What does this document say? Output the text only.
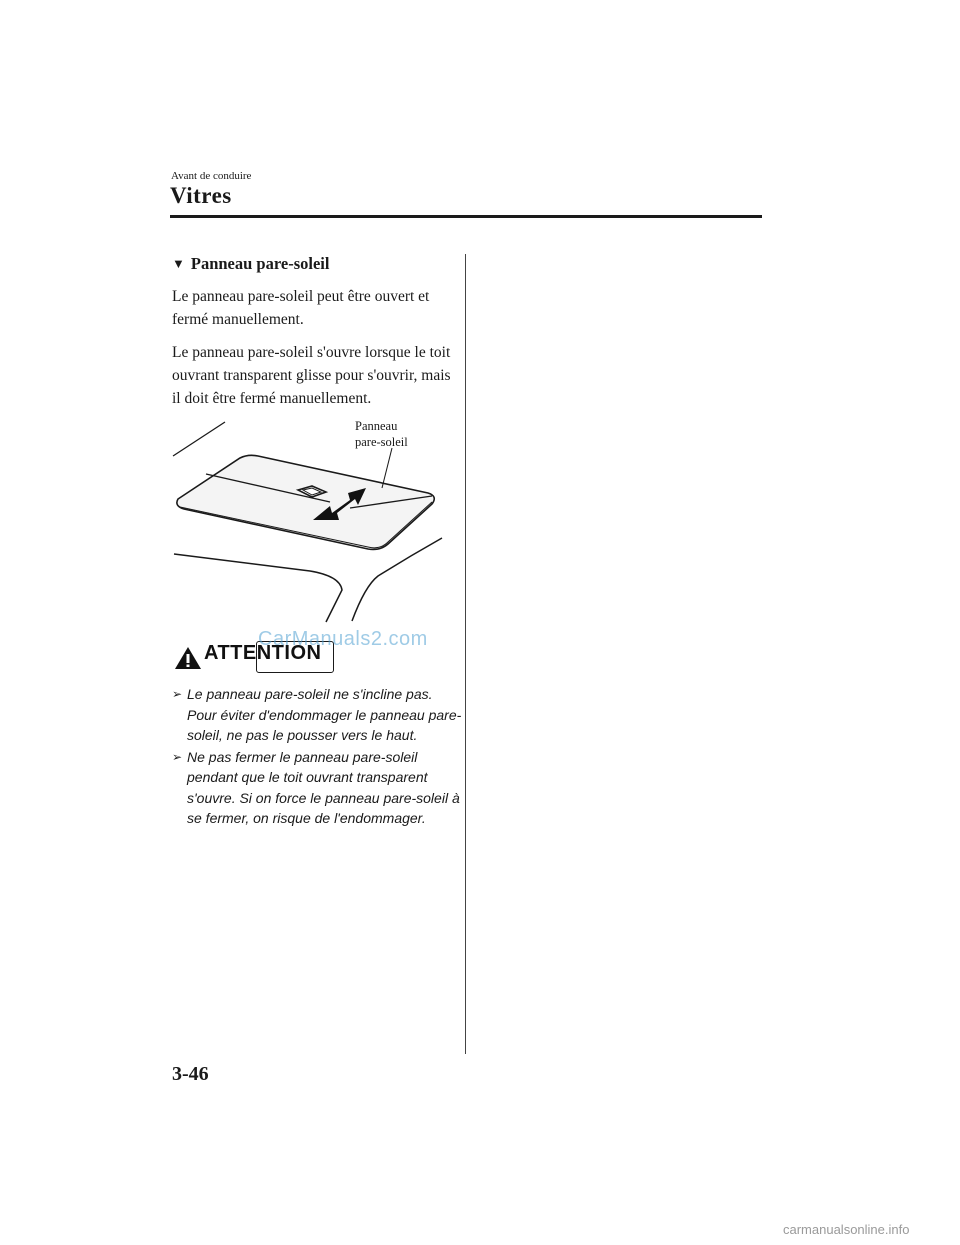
Avant de conduire
Vitres
▼ Panneau pare-soleil
Le panneau pare-soleil peut être ouvert et fermé manuellement.
Le panneau pare-soleil s'ouvre lorsque le toit ouvrant transparent glisse pour s'ouvrir, mais il doit être fermé manuellement.
Panneau
pare-soleil
ATTENTION
CarManuals2.com
➢ Le panneau pare-soleil ne s'incline pas. Pour éviter d'endommager le panneau pare-soleil, ne pas le pousser vers le haut.
➢ Ne pas fermer le panneau pare-soleil pendant que le toit ouvrant transparent s'ouvre. Si on force le panneau pare-soleil à se fermer, on risque de l'endommager.
3-46
carmanualsonline.info
